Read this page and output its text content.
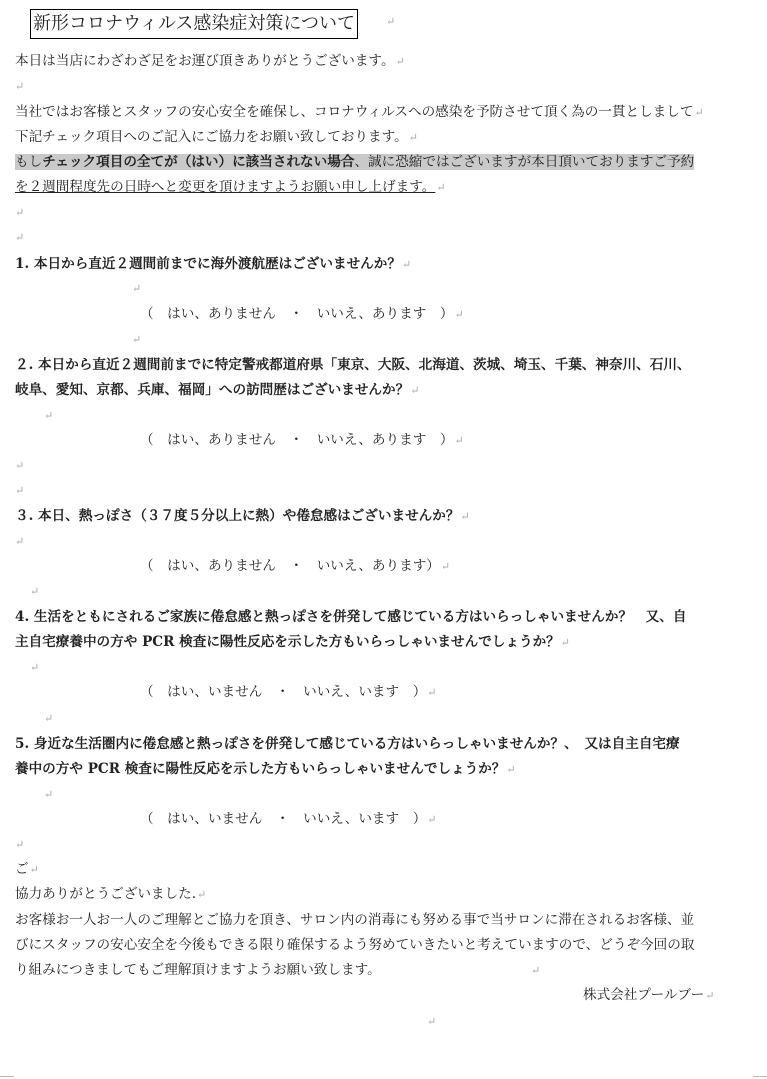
新形コロナウィルス感染症対策について	↵
本日は当店にわざわざ足をお運び頂きありがとうございます。↵
↵
当社ではお客様とスタッフの安心安全を確保し、コロナウィルスへの感染を予防させて頂く為の一貫としまして↵
下記チェック項目へのご記入にご協力をお願い致しております。↵
もしチェック項目の全てが（はい）に該当されない場合、誠に恐縮ではございますが本日頂いておりますご予約
を２週間程度先の日時へと変更を頂けますようお願い申し上げます。↵
↵
↵
1. 本日から直近２週間前までに海外渡航歴はございませんか？↵
↵
（　はい、ありません　・　いいえ、あります　）↵
↵
２. 本日から直近２週間前までに特定警戒都道府県「東京、大阪、北海道、茨城、埼玉、千葉、神奈川、石川、
岐阜、愛知、京都、兵庫、福岡」への訪問歴はございませんか？↵
↵
（　はい、ありません　・　いいえ、あります　）↵
↵
↵
３. 本日、熱っぽさ（３７度５分以上に熱）や倦怠感はございませんか？↵
↵
（　はい、ありません　・　いいえ、あります）↵
↵
4. 生活をともにされるご家族に倦怠感と熱っぽさを併発して感じている方はいらっしゃいませんか？　又、自
主自宅療養中の方や PCR 検査に陽性反応を示した方もいらっしゃいませんでしょうか？↵
↵
（　はい、いません　・　いいえ、います　）↵
↵
5. 身近な生活圏内に倦怠感と熱っぽさを併発して感じている方はいらっしゃいませんか？、　又は自主自宅療
養中の方や PCR 検査に陽性反応を示した方もいらっしゃいませんでしょうか？↵
↵
（　はい、いません　・　いいえ、います　）↵
↵
ご↵
協力ありがとうございました.↵
お客様お一人お一人のご理解とご協力を頂き、サロン内の消毒にも努める事で当サロンに滞在されるお客様、並
びにスタッフの安心安全を今後もできる限り確保するよう努めていきたいと考えていますので、どうぞ今回の取
り組みにつきましてもご理解頂けますようお願い致します。	↵
株式会社プールブー↵
↵
